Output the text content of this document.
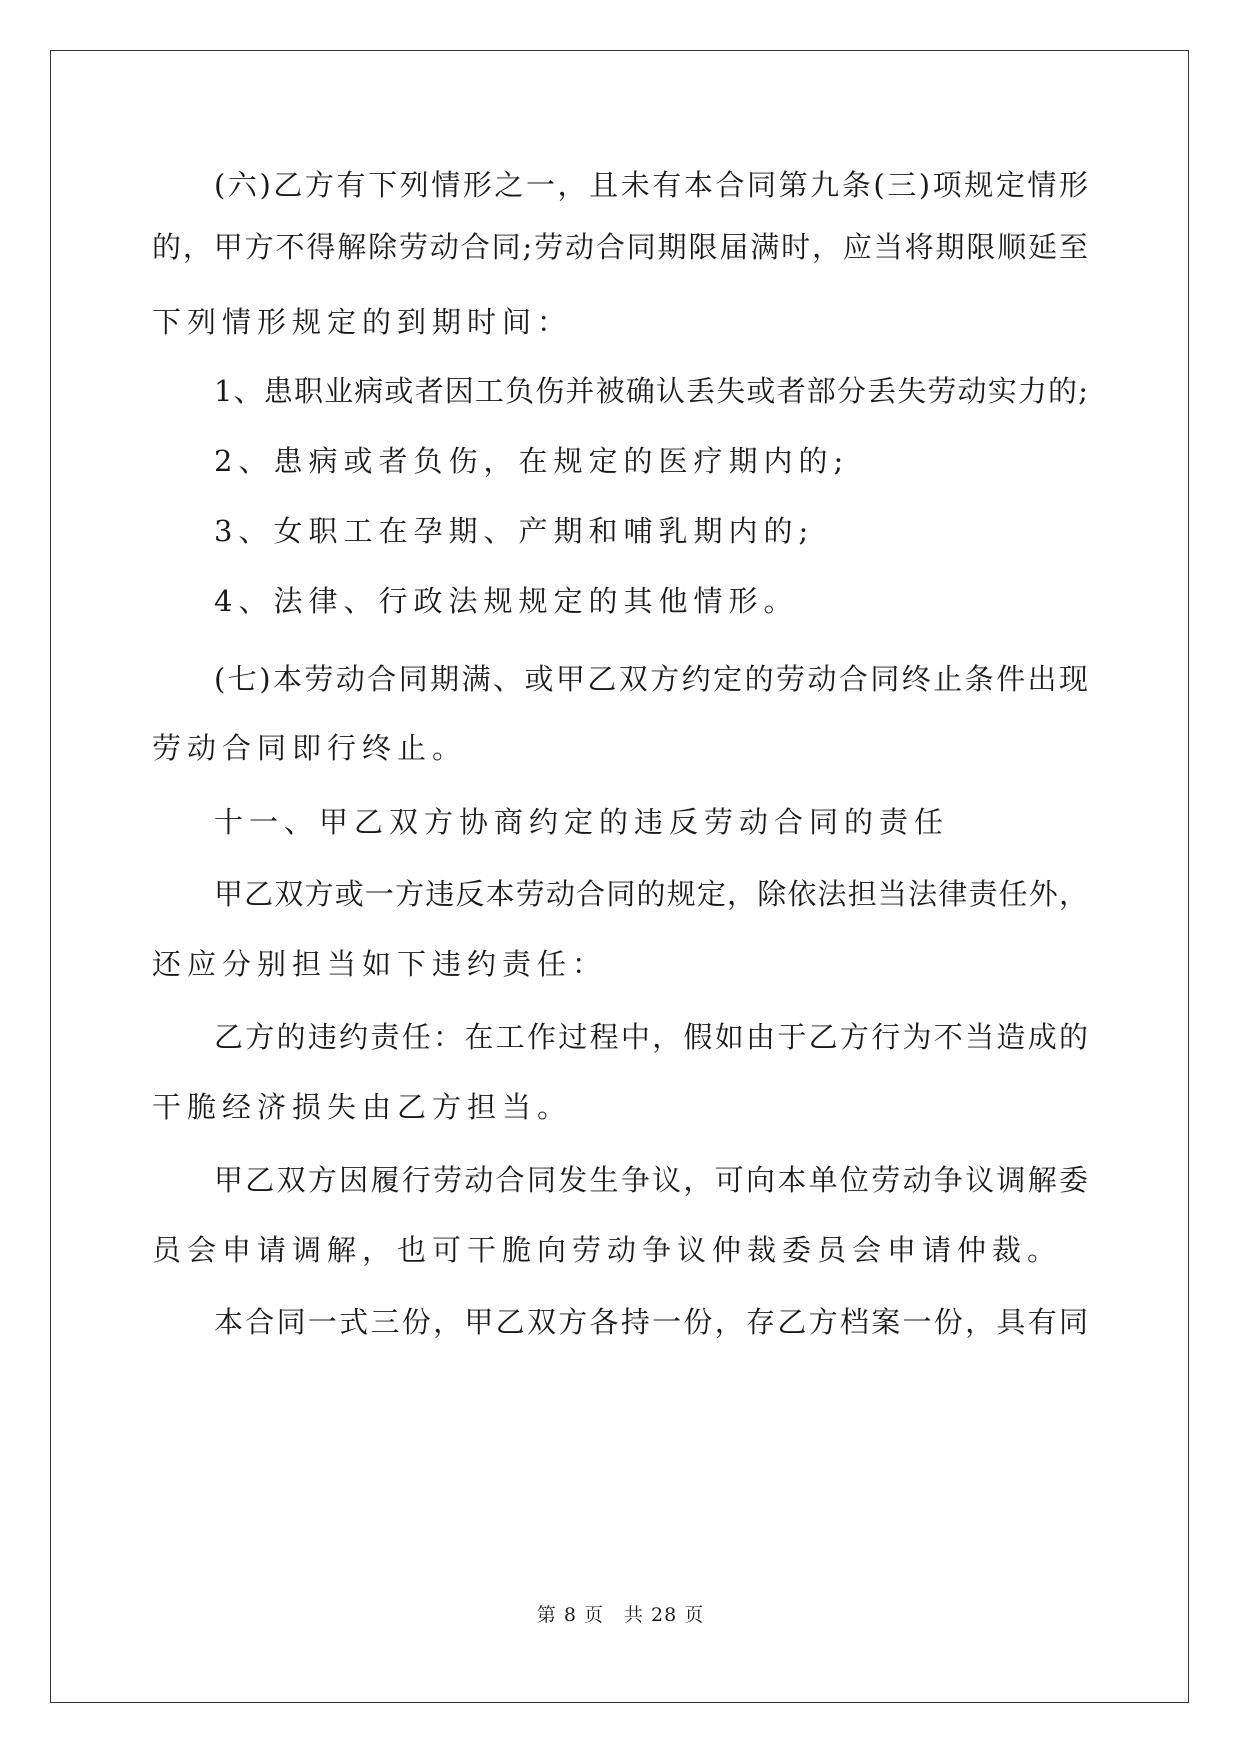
(六)乙方有下列情形之一，且未有本合同第九条(三)项规定情形
的，甲方不得解除劳动合同;劳动合同期限届满时，应当将期限顺延至
下列情形规定的到期时间：
1、患职业病或者因工负伤并被确认丢失或者部分丢失劳动实力的;
2、患病或者负伤，在规定的医疗期内的;
3、女职工在孕期、产期和哺乳期内的;
4、法律、行政法规规定的其他情形。
(七)本劳动合同期满、或甲乙双方约定的劳动合同终止条件出现
劳动合同即行终止。
十一、甲乙双方协商约定的违反劳动合同的责任
甲乙双方或一方违反本劳动合同的规定，除依法担当法律责任外，
还应分别担当如下违约责任：
乙方的违约责任：在工作过程中，假如由于乙方行为不当造成的
干脆经济损失由乙方担当。
甲乙双方因履行劳动合同发生争议，可向本单位劳动争议调解委
员会申请调解，也可干脆向劳动争议仲裁委员会申请仲裁。
本合同一式三份，甲乙双方各持一份，存乙方档案一份，具有同
第 8 页　共 28 页
